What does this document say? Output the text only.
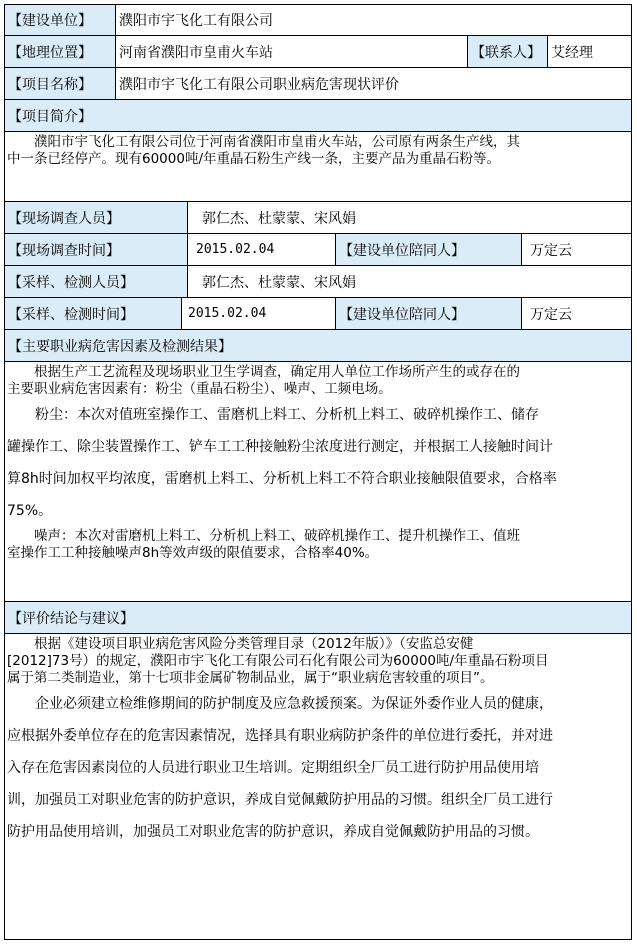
【建设单位】	濮阳市宇飞化工有限公司
【地理位置】	河南省濮阳市皇甫火车站	【联系人】 艾经理
【项目名称】	濮阳市宇飞化工有限公司职业病危害现状评价
【项目简介】
　　濮阳市宇飞化工有限公司位于河南省濮阳市皇甫火车站，公司原有两条生产线，其
中一条已经停产。现有60000吨/年重晶石粉生产线一条，主要产品为重晶石粉等。
【现场调查人员】	郭仁杰、杜蒙蒙、宋风娟
【现场调查时间】	2015.02.04	【建设单位陪同人】	万定云
【采样、检测人员】	郭仁杰、杜蒙蒙、宋风娟
【采样、检测时间】	2015.02.04	【建设单位陪同人】	万定云
【主要职业病危害因素及检测结果】
　　根据生产工艺流程及现场职业卫生学调查，确定用人单位工作场所产生的或存在的
主要职业病危害因素有：粉尘（重晶石粉尘）、噪声、工频电场。
　　粉尘：本次对值班室操作工、雷磨机上料工、分析机上料工、破碎机操作工、储存
罐操作工、除尘装置操作工、铲车工工种接触粉尘浓度进行测定，并根据工人接触时间计
算8h时间加权平均浓度，雷磨机上料工、分析机上料工不符合职业接触限值要求，合格率
75%。
　　噪声：本次对雷磨机上料工、分析机上料工、破碎机操作工、提升机操作工、值班
室操作工工种接触噪声8h等效声级的限值要求，合格率40%。
【评价结论与建议】
　　根据《建设项目职业病危害风险分类管理目录（2012年版）》（安监总安健
[2012]73号）的规定，濮阳市宇飞化工有限公司石化有限公司为60000吨/年重晶石粉项目
属于第二类制造业，第十七项非金属矿物制品业，属于“职业病危害较重的项目”。
　　企业必须建立检维修期间的防护制度及应急救援预案。为保证外委作业人员的健康，
应根据外委单位存在的危害因素情况，选择具有职业病防护条件的单位进行委托，并对进
入存在危害因素岗位的人员进行职业卫生培训。定期组织全厂员工进行防护用品使用培
训，加强员工对职业危害的防护意识，养成自觉佩戴防护用品的习惯。组织全厂员工进行
防护用品使用培训，加强员工对职业危害的防护意识，养成自觉佩戴防护用品的习惯。
